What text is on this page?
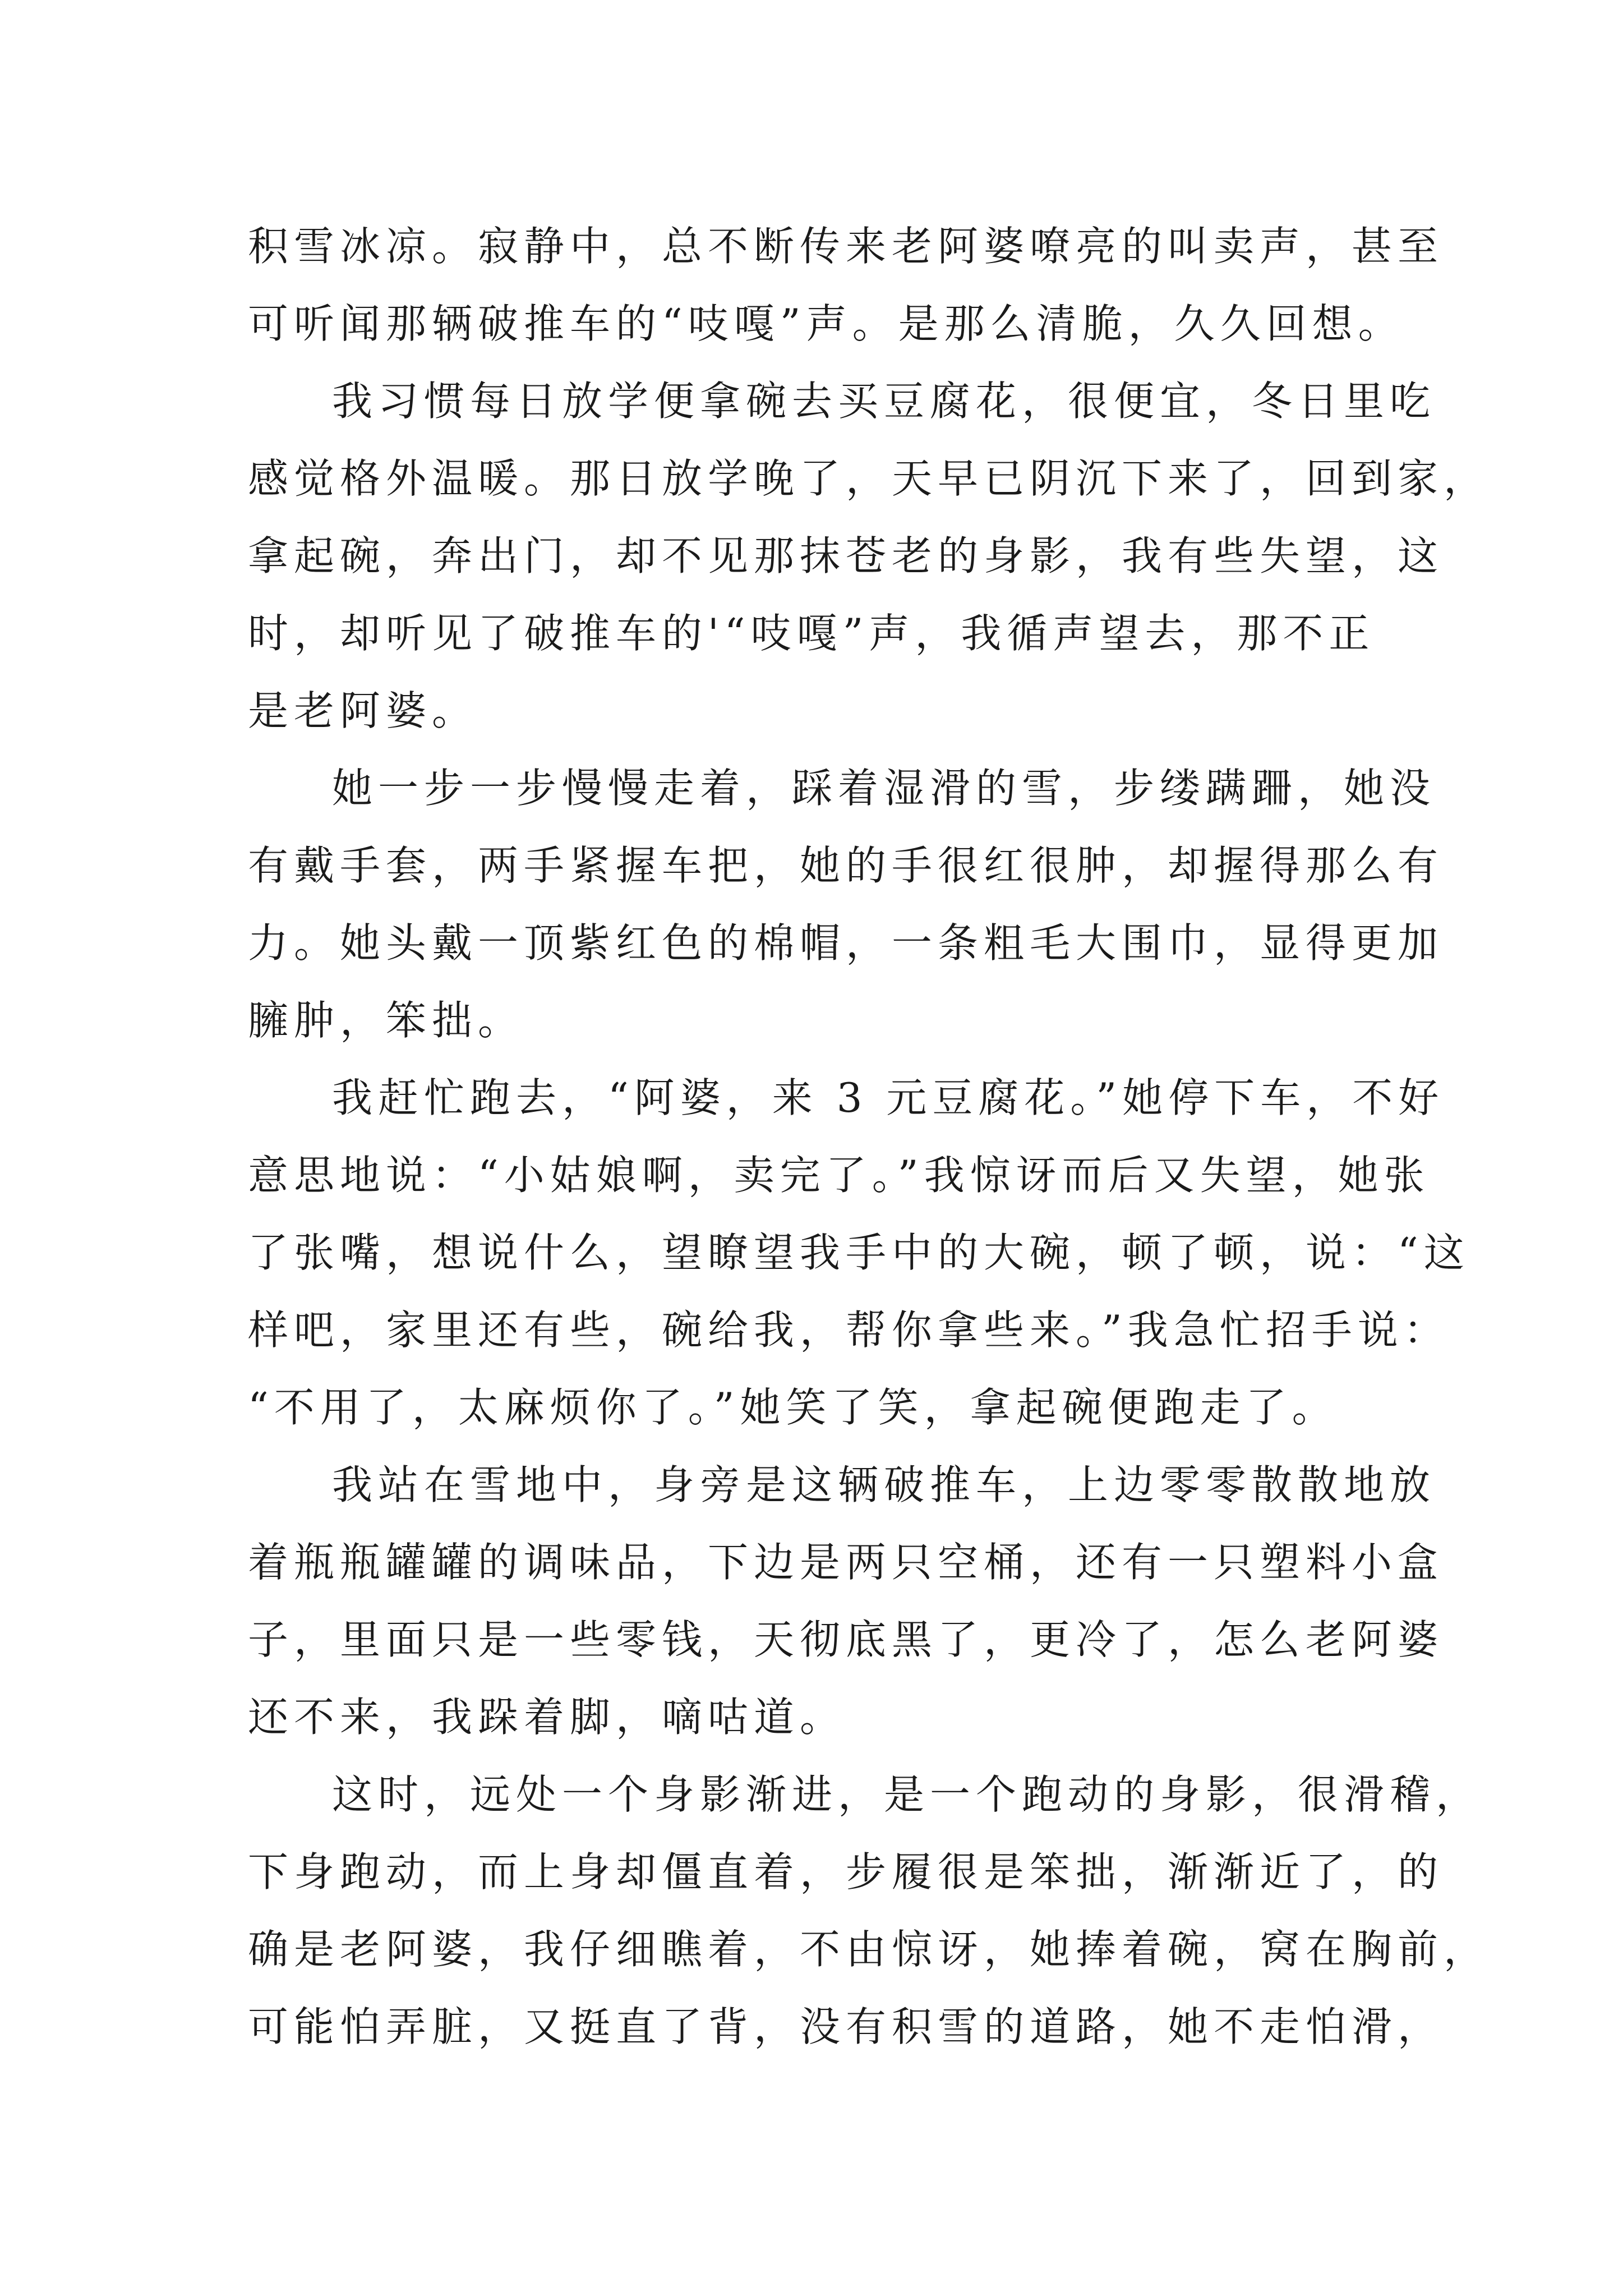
积雪冰凉。寂静中，总不断传来老阿婆嘹亮的叫卖声，甚至
可听闻那辆破推车的“吱嘎”声。是那么清脆，久久回想。
我习惯每日放学便拿碗去买豆腐花，很便宜，冬日里吃
感觉格外温暖。那日放学晚了，天早已阴沉下来了，回到家，
拿起碗，奔出门，却不见那抹苍老的身影，我有些失望，这
时，却听见了破推车的'“吱嘎”声，我循声望去，那不正
是老阿婆。
她一步一步慢慢走着，踩着湿滑的雪，步缕蹒跚，她没
有戴手套，两手紧握车把，她的手很红很肿，却握得那么有
力。她头戴一顶紫红色的棉帽，一条粗毛大围巾，显得更加
臃肿，笨拙。
我赶忙跑去，“阿婆，来 3 元豆腐花。”她停下车，不好
意思地说：“小姑娘啊，卖完了。”我惊讶而后又失望，她张
了张嘴，想说什么，望瞭望我手中的大碗，顿了顿，说：“这
样吧，家里还有些，碗给我，帮你拿些来。”我急忙招手说：
“不用了，太麻烦你了。”她笑了笑，拿起碗便跑走了。
我站在雪地中，身旁是这辆破推车，上边零零散散地放
着瓶瓶罐罐的调味品，下边是两只空桶，还有一只塑料小盒
子，里面只是一些零钱，天彻底黑了，更冷了，怎么老阿婆
还不来，我跺着脚，嘀咕道。
这时，远处一个身影渐进，是一个跑动的身影，很滑稽，
下身跑动，而上身却僵直着，步履很是笨拙，渐渐近了，的
确是老阿婆，我仔细瞧着，不由惊讶，她捧着碗，窝在胸前，
可能怕弄脏，又挺直了背，没有积雪的道路，她不走怕滑，
